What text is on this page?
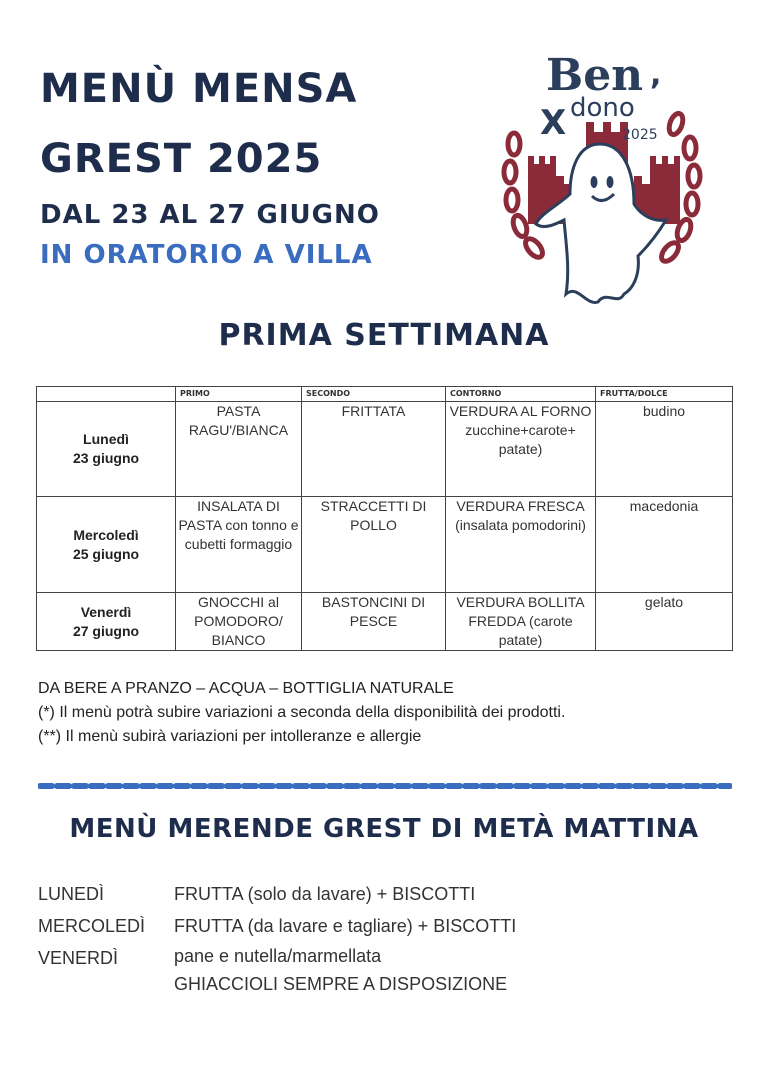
MENÙ MENSA
GREST 2025
DAL 23 AL 27 GIUGNO
IN ORATORIO A VILLA
Ben ,
X dono
2025
PRIMA SETTIMANA
	PRIMO	SECONDO	CONTORNO	FRUTTA/DOLCE

Lunedì
23 giugno	PASTA RAGU'/BIANCA	FRITTATA	VERDURA AL FORNO zucchine+carote+ patate)	budino

Mercoledì
25 giugno	INSALATA DI PASTA con tonno e cubetti formaggio	STRACCETTI DI POLLO	VERDURA FRESCA (insalata pomodorini)	macedonia

Venerdì
27 giugno	GNOCCHI al POMODORO/ BIANCO	BASTONCINI DI PESCE	VERDURA BOLLITA FREDDA (carote patate)	gelato
DA BERE A PRANZO – ACQUA – BOTTIGLIA NATURALE
(*) Il menù potrà subire variazioni a seconda della disponibilità dei prodotti.
(**) Il menù subirà variazioni per intolleranze e allergie
MENÙ MERENDE GREST DI METÀ MATTINA
LUNEDÌ	FRUTTA (solo da lavare) + BISCOTTI
MERCOLEDÌ	FRUTTA (da lavare e tagliare) + BISCOTTI
VENERDÌ	pane e nutella/marmellata
GHIACCIOLI SEMPRE A DISPOSIZIONE
